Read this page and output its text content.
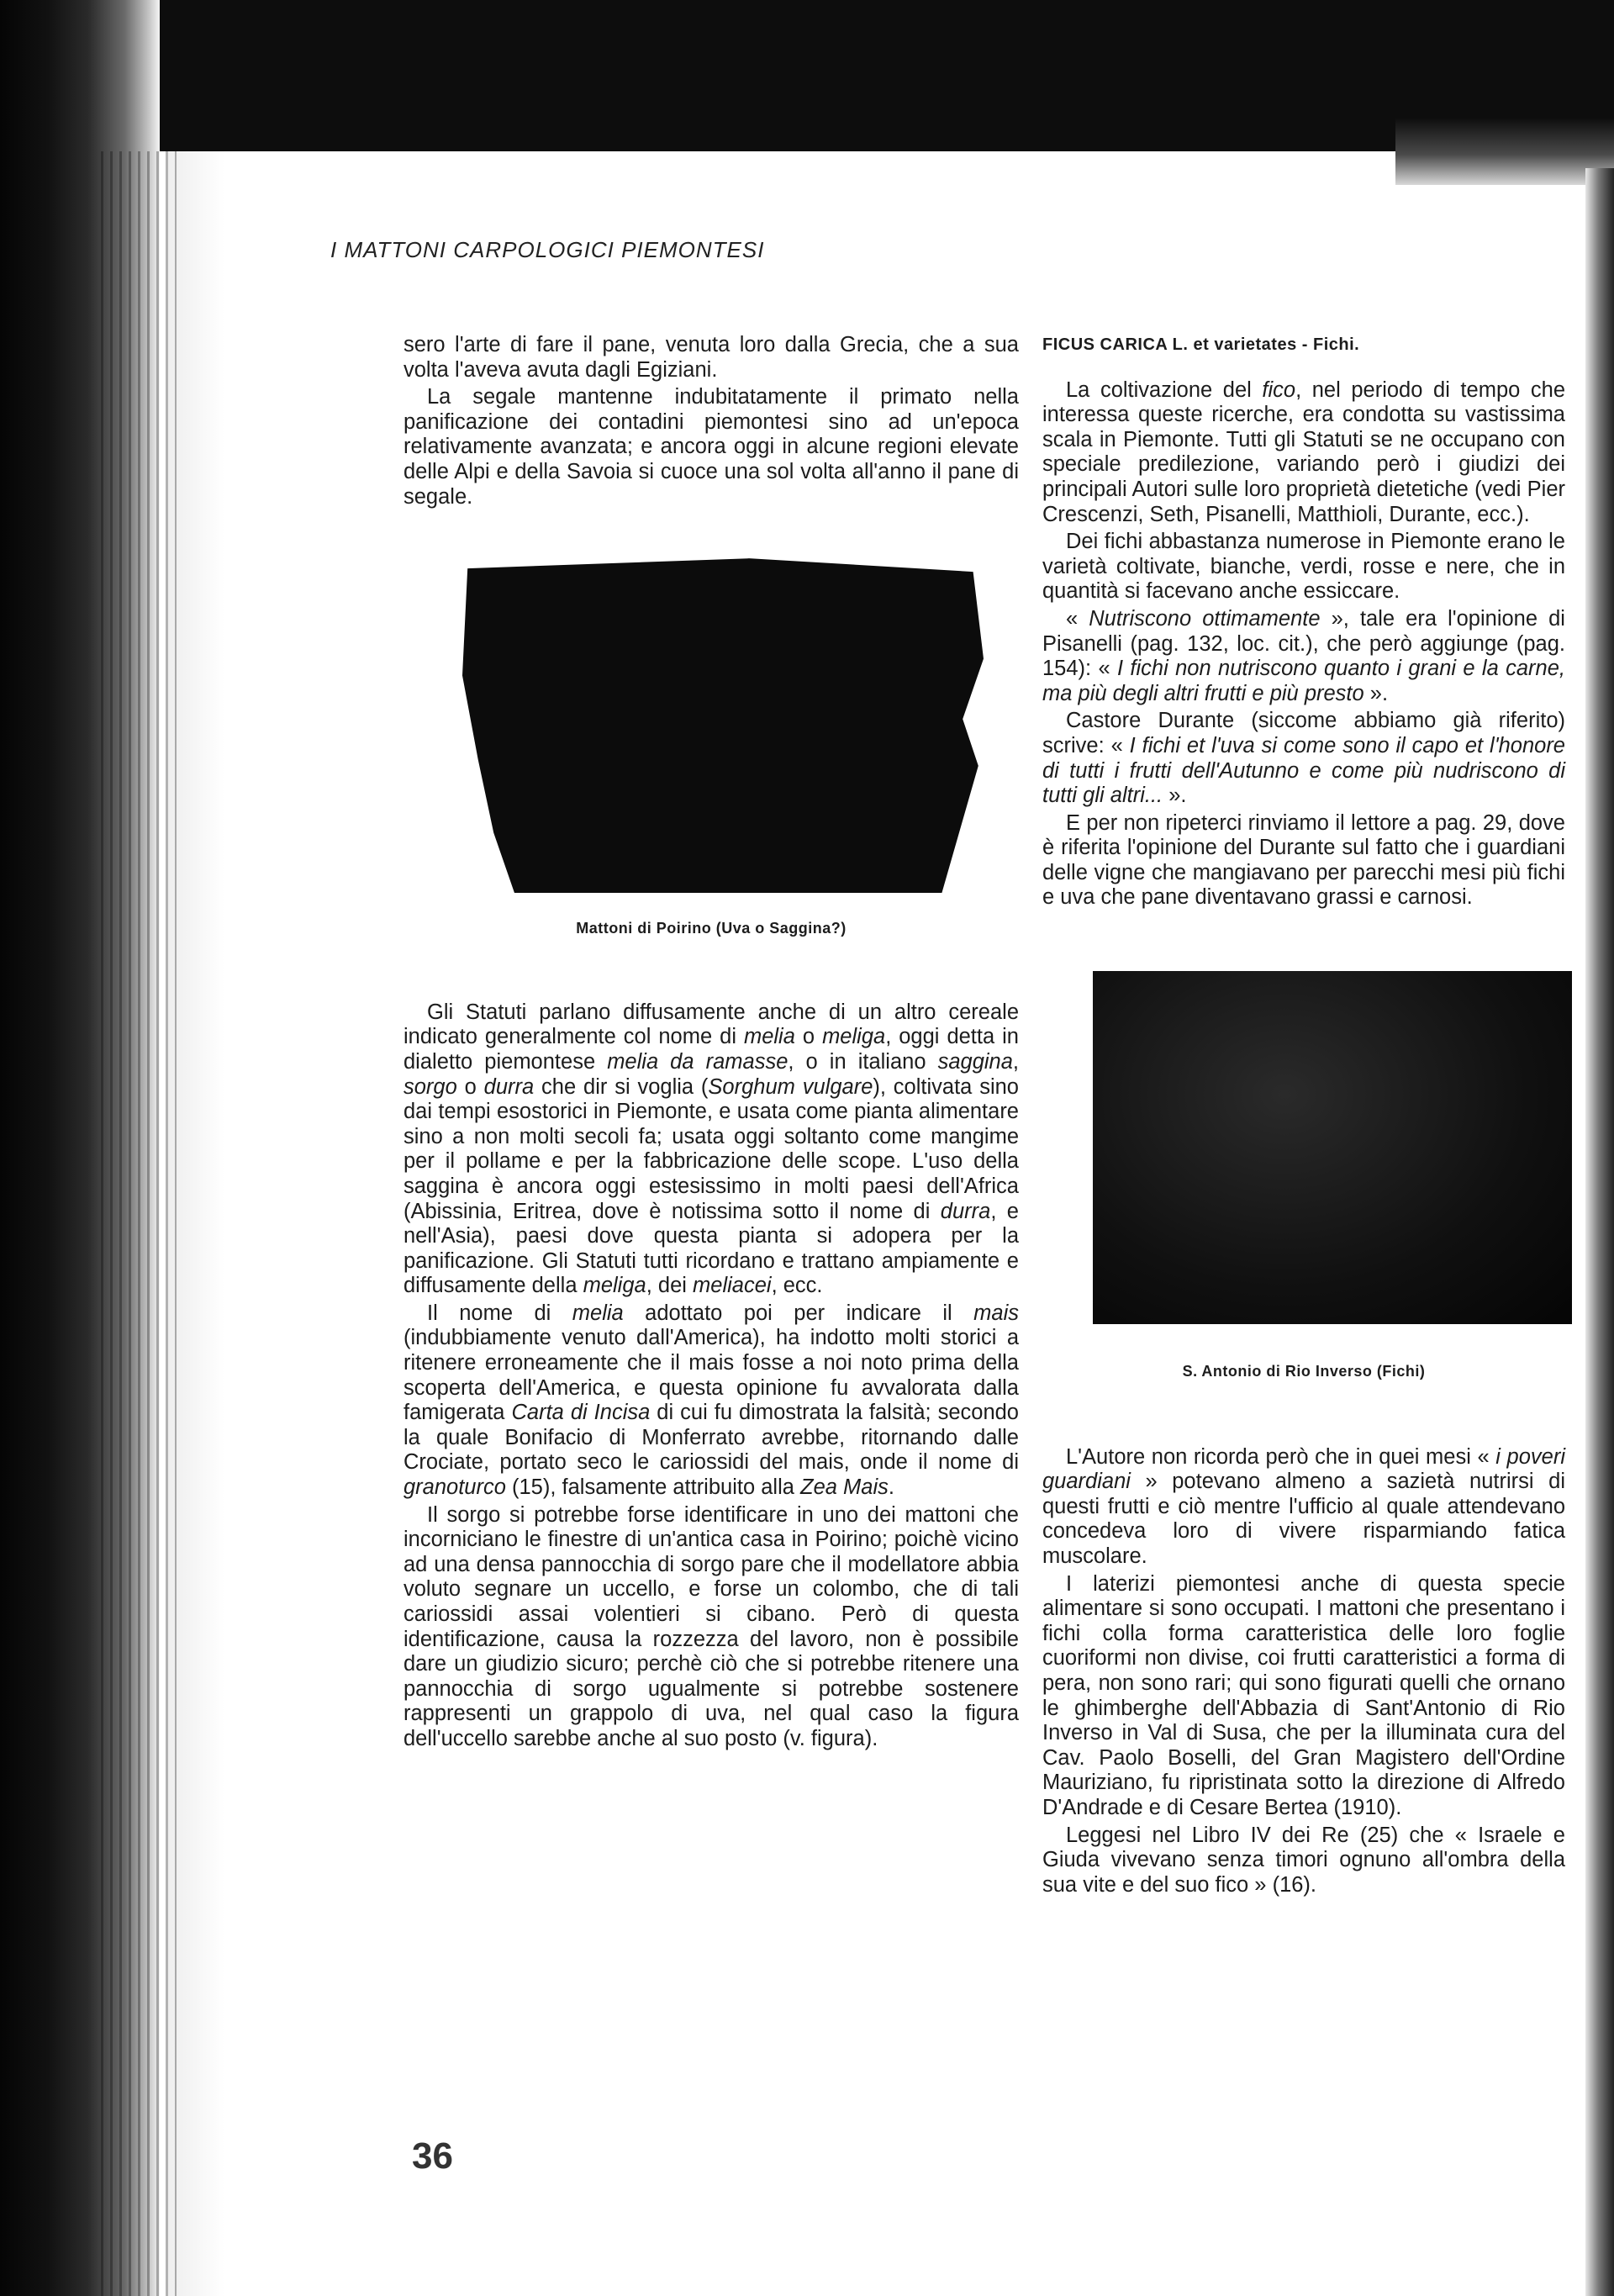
I MATTONI CARPOLOGICI PIEMONTESI

sero l'arte di fare il pane, venuta loro dalla Grecia, che a sua volta l'aveva avuta dagli Egiziani.

La segale mantenne indubitatamente il primato nella panificazione dei contadini piemontesi sino ad un'epoca relativamente avanzata; e ancora oggi in alcune regioni elevate delle Alpi e della Savoia si cuoce una sol volta all'anno il pane di segale.

Mattoni di Poirino (Uva o Saggina?)

Gli Statuti parlano diffusamente anche di un altro cereale indicato generalmente col nome di melia o meliga, oggi detta in dialetto piemontese melia da ramasse, o in italiano saggina, sorgo o durra che dir si voglia (Sorghum vulgare), coltivata sino dai tempi esostorici in Piemonte, e usata come pianta alimentare sino a non molti secoli fa; usata oggi soltanto come mangime per il pollame e per la fabbricazione delle scope. L'uso della saggina è ancora oggi estesissimo in molti paesi dell'Africa (Abissinia, Eritrea, dove è notissima sotto il nome di durra, e nell'Asia), paesi dove questa pianta si adopera per la panificazione. Gli Statuti tutti ricordano e trattano ampiamente e diffusamente della meliga, dei meliacei, ecc.

Il nome di melia adottato poi per indicare il mais (indubbiamente venuto dall'America), ha indotto molti storici a ritenere erroneamente che il mais fosse a noi noto prima della scoperta dell'America, e questa opinione fu avvalorata dalla famigerata Carta di Incisa di cui fu dimostrata la falsità; secondo la quale Bonifacio di Monferrato avrebbe, ritornando dalle Crociate, portato seco le cariossidi del mais, onde il nome di granoturco (15), falsamente attribuito alla Zea Mais.

Il sorgo si potrebbe forse identificare in uno dei mattoni che incorniciano le finestre di un'antica casa in Poirino; poichè vicino ad una densa pannocchia di sorgo pare che il modellatore abbia voluto segnare un uccello, e forse un colombo, che di tali cariossidi assai volentieri si cibano. Però di questa identificazione, causa la rozzezza del lavoro, non è possibile dare un giudizio sicuro; perchè ciò che si potrebbe ritenere una pannocchia di sorgo ugualmente si potrebbe sostenere rappresenti un grappolo di uva, nel qual caso la figura dell'uccello sarebbe anche al suo posto (v. figura).

FICUS CARICA L. et varietates - Fichi.

La coltivazione del fico, nel periodo di tempo che interessa queste ricerche, era condotta su vastissima scala in Piemonte. Tutti gli Statuti se ne occupano con speciale predilezione, variando però i giudizi dei principali Autori sulle loro proprietà dietetiche (vedi Pier Crescenzi, Seth, Pisanelli, Matthioli, Durante, ecc.).

Dei fichi abbastanza numerose in Piemonte erano le varietà coltivate, bianche, verdi, rosse e nere, che in quantità si facevano anche essiccare.

« Nutriscono ottimamente », tale era l'opinione di Pisanelli (pag. 132, loc. cit.), che però aggiunge (pag. 154): « I fichi non nutriscono quanto i grani e la carne, ma più degli altri frutti e più presto ».

Castore Durante (siccome abbiamo già riferito) scrive: « I fichi et l'uva si come sono il capo et l'honore di tutti i frutti dell'Autunno e come più nudriscono di tutti gli altri... ».

E per non ripeterci rinviamo il lettore a pag. 29, dove è riferita l'opinione del Durante sul fatto che i guardiani delle vigne che mangiavano per parecchi mesi più fichi e uva che pane diventavano grassi e carnosi.

S. Antonio di Rio Inverso (Fichi)

L'Autore non ricorda però che in quei mesi « i poveri guardiani » potevano almeno a sazietà nutrirsi di questi frutti e ciò mentre l'ufficio al quale attendevano concedeva loro di vivere risparmiando fatica muscolare.

I laterizi piemontesi anche di questa specie alimentare si sono occupati. I mattoni che presentano i fichi colla forma caratteristica delle loro foglie cuoriformi non divise, coi frutti caratteristici a forma di pera, non sono rari; qui sono figurati quelli che ornano le ghimberghe dell'Abbazia di Sant'Antonio di Rio Inverso in Val di Susa, che per la illuminata cura del Cav. Paolo Boselli, del Gran Magistero dell'Ordine Mauriziano, fu ripristinata sotto la direzione di Alfredo D'Andrade e di Cesare Bertea (1910).

Leggesi nel Libro IV dei Re (25) che « Israele e Giuda vivevano senza timori ognuno all'ombra della sua vite e del suo fico » (16).

36
